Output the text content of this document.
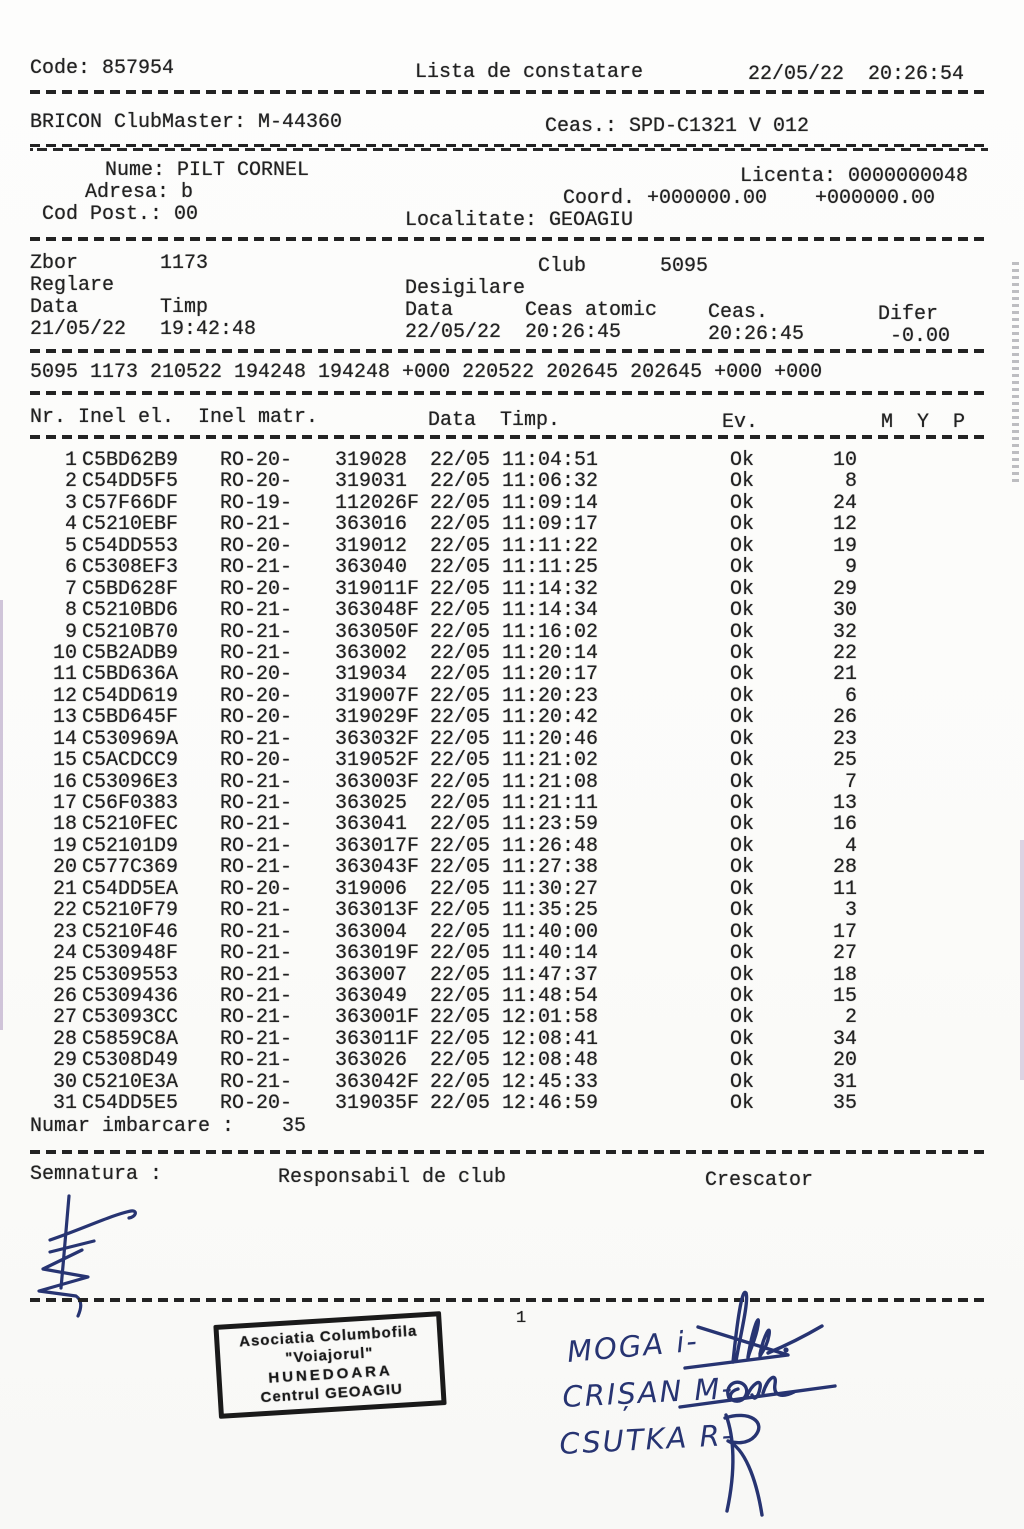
Code: 857954	Lista de constatare	22/05/22  20:26:54
BRICON ClubMaster: M-44360	Ceas.: SPD-C1321 V 012
Nume: PILT CORNEL	Licenta: 0000000048
Adresa: b	Coord. +000000.00    +000000.00
Cod Post.: 00	Localitate: GEOAGIU
Zbor	1173	Club	5095
Reglare	Desigilare
Data	Timp	Data	Ceas atomic	Ceas.	Difer
21/05/22 19:42:48	22/05/22 20:26:45	20:26:45	-0.00
5095 1173 210522 194248 194248 +000 220522 202645 202645 +000 +000
Nr. Inel el.  Inel matr.	Data Timp.	Ev.	M  Y  P
1 C5BD62B9	RO-20-	319028	22/05 11:04:51	Ok	10
2 C54DD5F5	RO-20-	319031	22/05 11:06:32	Ok	8
3 C57F66DF	RO-19-	112026F 22/05 11:09:14	Ok	24
4 C5210EBF	RO-21-	363016	22/05 11:09:17	Ok	12
5 C54DD553	RO-20-	319012	22/05 11:11:22	Ok	19
6 C5308EF3	RO-21-	363040	22/05 11:11:25	Ok	9
7 C5BD628F	RO-20-	319011F 22/05 11:14:32	Ok	29
8 C5210BD6	RO-21-	363048F 22/05 11:14:34	Ok	30
9 C5210B70	RO-21-	363050F 22/05 11:16:02	Ok	32
10 C5B2ADB9	RO-21-	363002	22/05 11:20:14	Ok	22
11 C5BD636A	RO-20-	319034	22/05 11:20:17	Ok	21
12 C54DD619	RO-20-	319007F 22/05 11:20:23	Ok	6
13 C5BD645F	RO-20-	319029F 22/05 11:20:42	Ok	26
14 C530969A	RO-21-	363032F 22/05 11:20:46	Ok	23
15 C5ACDCC9	RO-20-	319052F 22/05 11:21:02	Ok	25
16 C53096E3	RO-21-	363003F 22/05 11:21:08	Ok	7
17 C56F0383	RO-21-	363025	22/05 11:21:11	Ok	13
18 C5210FEC	RO-21-	363041	22/05 11:23:59	Ok	16
19 C52101D9	RO-21-	363017F 22/05 11:26:48	Ok	4
20 C577C369	RO-21-	363043F 22/05 11:27:38	Ok	28
21 C54DD5EA	RO-20-	319006	22/05 11:30:27	Ok	11
22 C5210F79	RO-21-	363013F 22/05 11:35:25	Ok	3
23 C5210F46	RO-21-	363004	22/05 11:40:00	Ok	17
24 C530948F	RO-21-	363019F 22/05 11:40:14	Ok	27
25 C5309553	RO-21-	363007	22/05 11:47:37	Ok	18
26 C5309436	RO-21-	363049	22/05 11:48:54	Ok	15
27 C53093CC	RO-21-	363001F 22/05 12:01:58	Ok	2
28 C5859C8A	RO-21-	363011F 22/05 12:08:41	Ok	34
29 C5308D49	RO-21-	363026	22/05 12:08:48	Ok	20
30 C5210E3A	RO-21-	363042F 22/05 12:45:33	Ok	31
31 C54DD5E5	RO-20-	319035F 22/05 12:46:59	Ok	35
Numar imbarcare :    35
Semnatura :	Responsabil de club	Crescator
1
Asociatia Columbofila
"Voiajorul"
HUNEDOARA
Centrul GEOAGIU
MOGA i-
CRIȘAN M-
CSUTKA R-
